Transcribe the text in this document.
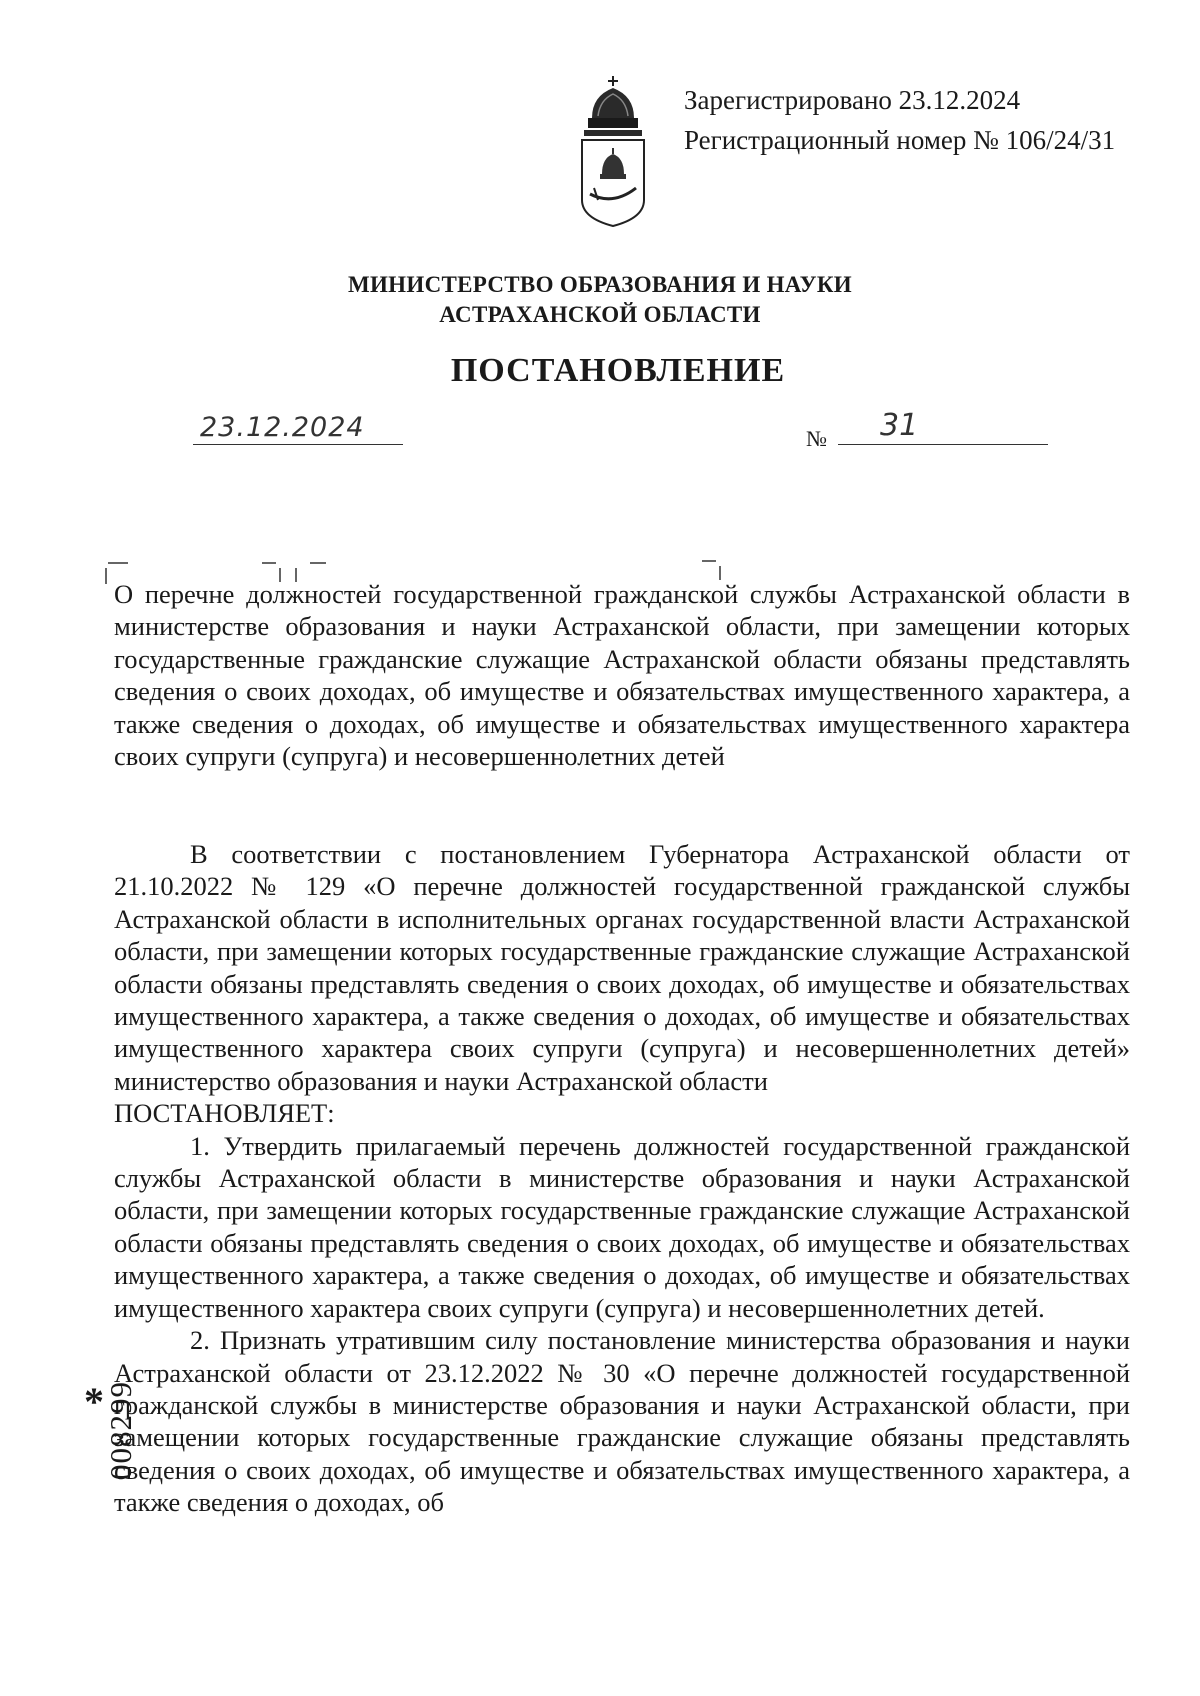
Зарегистрировано 23.12.2024
Регистрационный номер № 106/24/31
МИНИСТЕРСТВО ОБРАЗОВАНИЯ И НАУКИ
АСТРАХАНСКОЙ ОБЛАСТИ
ПОСТАНОВЛЕНИЕ
23.12.2024	№ 31

О перечне должностей государственной гражданской службы Астраханской области в министерстве образования и науки Астраханской области, при замещении которых государственные гражданские служащие Астраханской области обязаны представлять сведения о своих доходах, об имуществе и обязательствах имущественного характера, а также сведения о доходах, об имуществе и обязательствах имущественного характера своих супруги (супруга) и несовершеннолетних детей

В соответствии с постановлением Губернатора Астраханской области от 21.10.2022 № 129 «О перечне должностей государственной гражданской службы Астраханской области в исполнительных органах государственной власти Астраханской области, при замещении которых государственные гражданские служащие Астраханской области обязаны представлять сведения о своих доходах, об имуществе и обязательствах имущественного характера, а также сведения о доходах, об имуществе и обязательствах имущественного характера своих супруги (супруга) и несовершеннолетних детей» министерство образования и науки Астраханской области

ПОСТАНОВЛЯЕТ:

1. Утвердить прилагаемый перечень должностей государственной гражданской службы Астраханской области в министерстве образования и науки Астраханской области, при замещении которых государственные гражданские служащие Астраханской области обязаны представлять сведения о своих доходах, об имуществе и обязательствах имущественного характера, а также сведения о доходах, об имуществе и обязательствах имущественного характера своих супруги (супруга) и несовершеннолетних детей.

2. Признать утратившим силу постановление министерства образования и науки Астраханской области от 23.12.2022 № 30 «О перечне должностей государственной гражданской службы в министерстве образования и науки Астраханской области, при замещении которых государственные гражданские служащие обязаны представлять сведения о своих доходах, об имуществе и обязательствах имущественного характера, а также сведения о доходах, об

* 008299
